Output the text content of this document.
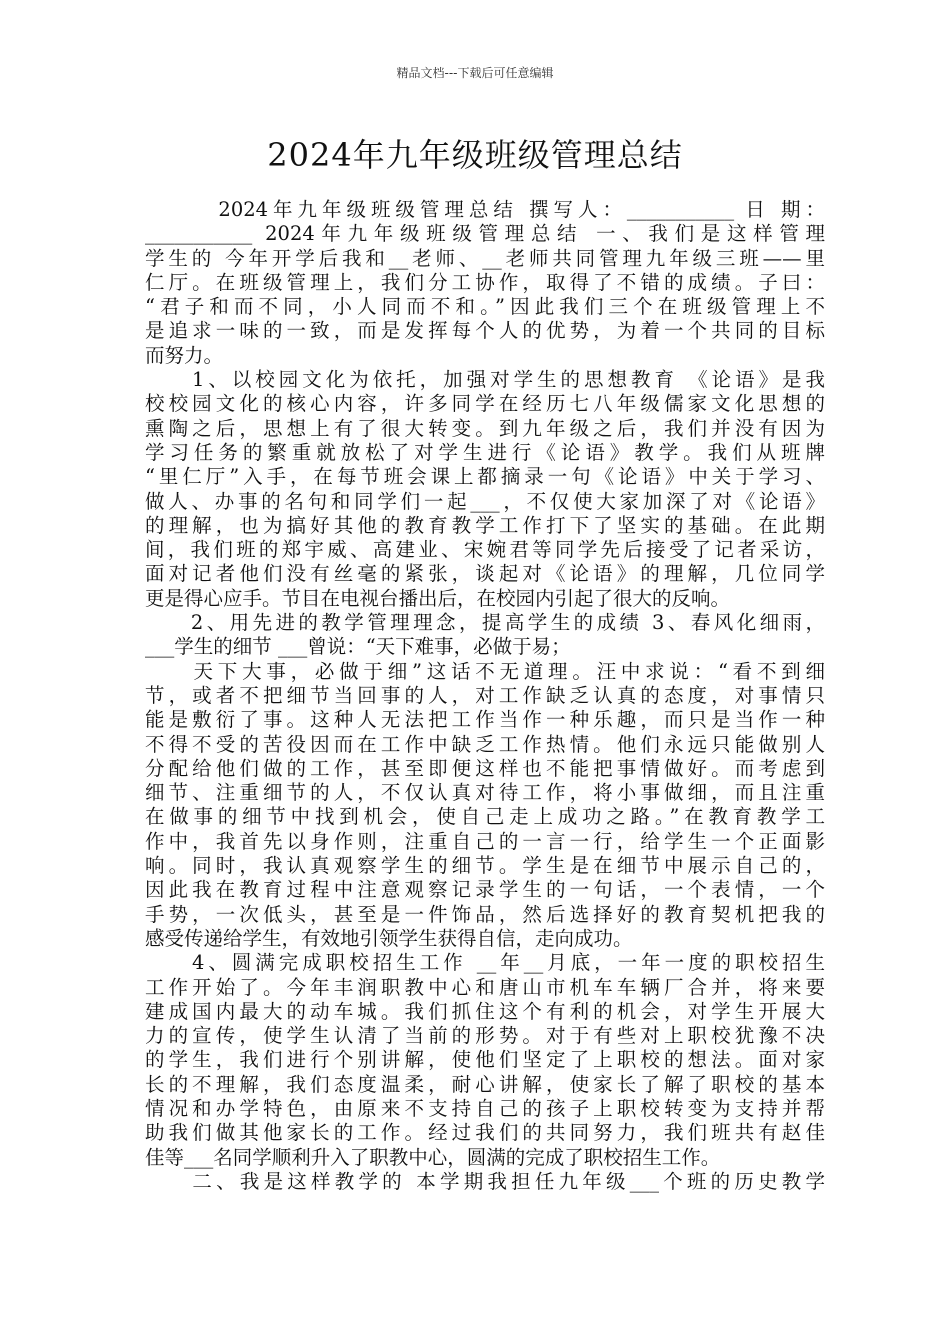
精品文档---下载后可任意编辑
2024年九年级班级管理总结
　　　2024年九年级班级管理总结 撰写人：___________ 日 期：
___________ 2024年九年级班级管理总结 一、我们是这样管理
学生的 今年开学后我和__老师、__老师共同管理九年级三班——里
仁厅。在班级管理上，我们分工协作，取得了不错的成绩。子曰：
“君子和而不同，小人同而不和。”因此我们三个在班级管理上不
是追求一味的一致，而是发挥每个人的优势，为着一个共同的目标
而努力。
　　1、以校园文化为依托，加强对学生的思想教育 《论语》是我
校校园文化的核心内容，许多同学在经历七八年级儒家文化思想的
熏陶之后，思想上有了很大转变。到九年级之后，我们并没有因为
学习任务的繁重就放松了对学生进行《论语》教学。我们从班牌
“里仁厅”入手，在每节班会课上都摘录一句《论语》中关于学习、
做人、办事的名句和同学们一起___，不仅使大家加深了对《论语》
的理解，也为搞好其他的教育教学工作打下了坚实的基础。在此期
间，我们班的郑宇威、高建业、宋婉君等同学先后接受了记者采访，
面对记者他们没有丝毫的紧张，谈起对《论语》的理解，几位同学
更是得心应手。节目在电视台播出后，在校园内引起了很大的反响。
　　2、用先进的教学管理理念，提高学生的成绩 3、春风化细雨，
___学生的细节 ___曾说：“天下难事，必做于易；
　　天下大事，必做于细”这话不无道理。汪中求说：“看不到细
节，或者不把细节当回事的人，对工作缺乏认真的态度，对事情只
能是敷衍了事。这种人无法把工作当作一种乐趣，而只是当作一种
不得不受的苦役因而在工作中缺乏工作热情。他们永远只能做别人
分配给他们做的工作，甚至即便这样也不能把事情做好。而考虑到
细节、注重细节的人，不仅认真对待工作，将小事做细，而且注重
在做事的细节中找到机会，使自己走上成功之路。”在教育教学工
作中，我首先以身作则，注重自己的一言一行，给学生一个正面影
响。同时，我认真观察学生的细节。学生是在细节中展示自己的，
因此我在教育过程中注意观察记录学生的一句话，一个表情，一个
手势，一次低头，甚至是一件饰品，然后选择好的教育契机把我的
感受传递给学生，有效地引领学生获得自信，走向成功。
　　4、圆满完成职校招生工作 __年__月底，一年一度的职校招生
工作开始了。今年丰润职教中心和唐山市机车车辆厂合并，将来要
建成国内最大的动车城。我们抓住这个有利的机会，对学生开展大
力的宣传，使学生认清了当前的形势。对于有些对上职校犹豫不决
的学生，我们进行个别讲解，使他们坚定了上职校的想法。面对家
长的不理解，我们态度温柔，耐心讲解，使家长了解了职校的基本
情况和办学特色，由原来不支持自己的孩子上职校转变为支持并帮
助我们做其他家长的工作。经过我们的共同努力，我们班共有赵佳
佳等___名同学顺利升入了职教中心，圆满的完成了职校招生工作。
　　二、我是这样教学的 本学期我担任九年级___个班的历史教学
